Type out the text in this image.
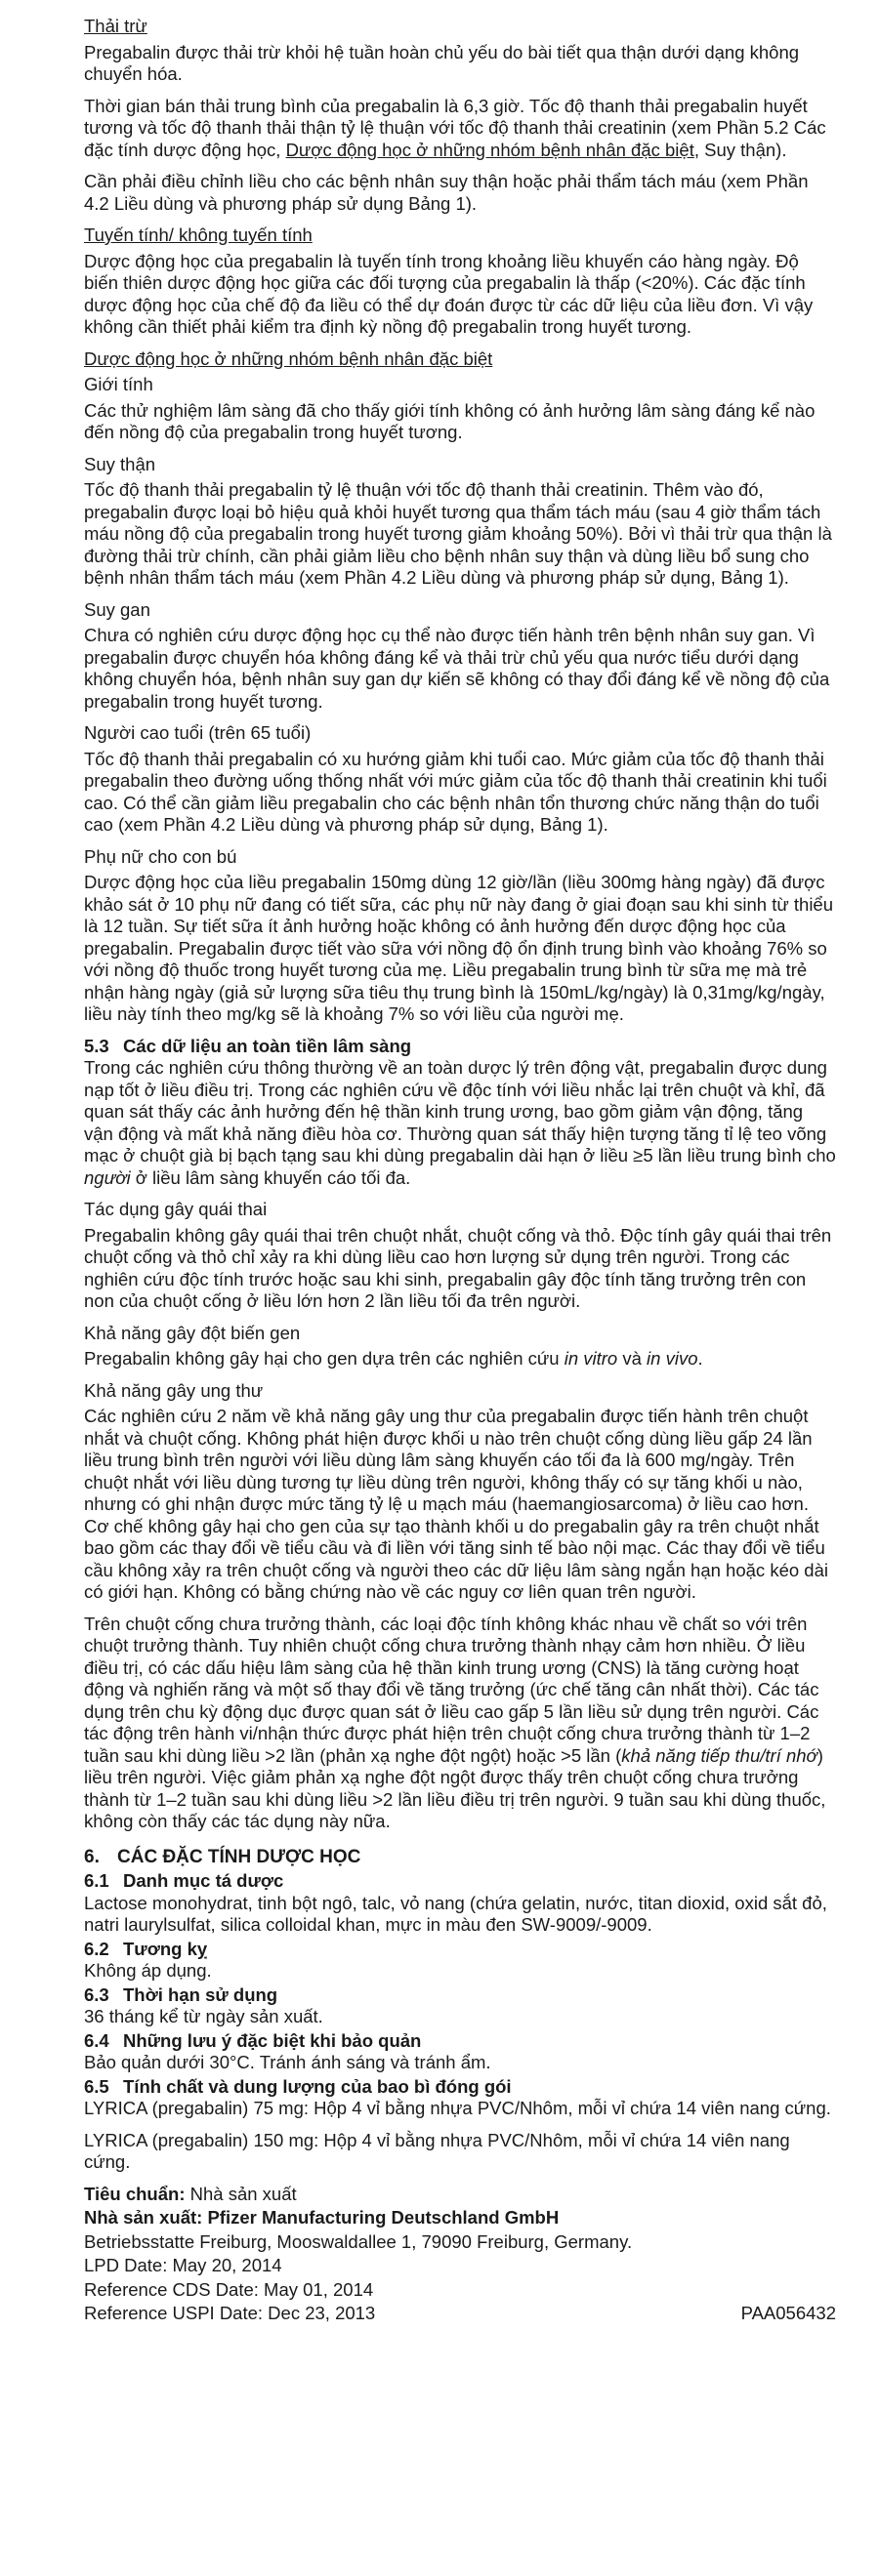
Thải trừ

Pregabalin được thải trừ khỏi hệ tuần hoàn chủ yếu do bài tiết qua thận dưới dạng không chuyển hóa.

Thời gian bán thải trung bình của pregabalin là 6,3 giờ. Tốc độ thanh thải pregabalin huyết tương và tốc độ thanh thải thận tỷ lệ thuận với tốc độ thanh thải creatinin (xem Phần 5.2 Các đặc tính dược động học, Dược động học ở những nhóm bệnh nhân đặc biệt, Suy thận).

Cần phải điều chỉnh liều cho các bệnh nhân suy thận hoặc phải thẩm tách máu (xem Phần 4.2 Liều dùng và phương pháp sử dụng Bảng 1).

Tuyến tính/ không tuyến tính

Dược động học của pregabalin là tuyến tính trong khoảng liều khuyến cáo hàng ngày. Độ biến thiên dược động học giữa các đối tượng của pregabalin là thấp (<20%). Các đặc tính dược động học của chế độ đa liều có thể dự đoán được từ các dữ liệu của liều đơn. Vì vậy không cần thiết phải kiểm tra định kỳ nồng độ pregabalin trong huyết tương.

Dược động học ở những nhóm bệnh nhân đặc biệt

Giới tính

Các thử nghiệm lâm sàng đã cho thấy giới tính không có ảnh hưởng lâm sàng đáng kể nào đến nồng độ của pregabalin trong huyết tương.

Suy thận

Tốc độ thanh thải pregabalin tỷ lệ thuận với tốc độ thanh thải creatinin. Thêm vào đó, pregabalin được loại bỏ hiệu quả khỏi huyết tương qua thẩm tách máu (sau 4 giờ thẩm tách máu nồng độ của pregabalin trong huyết tương giảm khoảng 50%). Bởi vì thải trừ qua thận là đường thải trừ chính, cần phải giảm liều cho bệnh nhân suy thận và dùng liều bổ sung cho bệnh nhân thẩm tách máu (xem Phần 4.2 Liều dùng và phương pháp sử dụng, Bảng 1).

Suy gan

Chưa có nghiên cứu dược động học cụ thể nào được tiến hành trên bệnh nhân suy gan. Vì pregabalin được chuyển hóa không đáng kể và thải trừ chủ yếu qua nước tiểu dưới dạng không chuyển hóa, bệnh nhân suy gan dự kiến sẽ không có thay đổi đáng kể về nồng độ của pregabalin trong huyết tương.

Người cao tuổi (trên 65 tuổi)

Tốc độ thanh thải pregabalin có xu hướng giảm khi tuổi cao. Mức giảm của tốc độ thanh thải pregabalin theo đường uống thống nhất với mức giảm của tốc độ thanh thải creatinin khi tuổi cao. Có thể cần giảm liều pregabalin cho các bệnh nhân tổn thương chức năng thận do tuổi cao (xem Phần 4.2 Liều dùng và phương pháp sử dụng, Bảng 1).

Phụ nữ cho con bú

Dược động học của liều pregabalin 150mg dùng 12 giờ/lần (liều 300mg hàng ngày) đã được khảo sát ở 10 phụ nữ đang có tiết sữa, các phụ nữ này đang ở giai đoạn sau khi sinh từ thiểu là 12 tuần. Sự tiết sữa ít ảnh hưởng hoặc không có ảnh hưởng đến dược động học của pregabalin. Pregabalin được tiết vào sữa với nồng độ ổn định trung bình vào khoảng 76% so với nồng độ thuốc trong huyết tương của mẹ. Liều pregabalin trung bình từ sữa mẹ mà trẻ nhận hàng ngày (giả sử lượng sữa tiêu thụ trung bình là 150mL/kg/ngày) là 0,31mg/kg/ngày, liều này tính theo mg/kg sẽ là khoảng 7% so với liều của người mẹ.

5.3 Các dữ liệu an toàn tiền lâm sàng

Trong các nghiên cứu thông thường về an toàn dược lý trên động vật, pregabalin được dung nạp tốt ở liều điều trị. Trong các nghiên cứu về độc tính với liều nhắc lại trên chuột và khỉ, đã quan sát thấy các ảnh hưởng đến hệ thần kinh trung ương, bao gồm giảm vận động, tăng vận động và mất khả năng điều hòa cơ. Thường quan sát thấy hiện tượng tăng tỉ lệ teo võng mạc ở chuột già bị bạch tạng sau khi dùng pregabalin dài hạn ở liều ≥5 lần liều trung bình cho người ở liều lâm sàng khuyến cáo tối đa.

Tác dụng gây quái thai

Pregabalin không gây quái thai trên chuột nhắt, chuột cống và thỏ. Độc tính gây quái thai trên chuột cống và thỏ chỉ xảy ra khi dùng liều cao hơn lượng sử dụng trên người. Trong các nghiên cứu độc tính trước hoặc sau khi sinh, pregabalin gây độc tính tăng trưởng trên con non của chuột cống ở liều lớn hơn 2 lần liều tối đa trên người.

Khả năng gây đột biến gen

Pregabalin không gây hại cho gen dựa trên các nghiên cứu in vitro và in vivo.

Khả năng gây ung thư

Các nghiên cứu 2 năm về khả năng gây ung thư của pregabalin được tiến hành trên chuột nhắt và chuột cống. Không phát hiện được khối u nào trên chuột cống dùng liều gấp 24 lần liều trung bình trên người với liều dùng lâm sàng khuyến cáo tối đa là 600 mg/ngày. Trên chuột nhắt với liều dùng tương tự liều dùng trên người, không thấy có sự tăng khối u nào, nhưng có ghi nhận được mức tăng tỷ lệ u mạch máu (haemangiosarcoma) ở liều cao hơn. Cơ chế không gây hại cho gen của sự tạo thành khối u do pregabalin gây ra trên chuột nhắt bao gồm các thay đổi về tiểu cầu và đi liền với tăng sinh tế bào nội mạc. Các thay đổi về tiểu cầu không xảy ra trên chuột cống và người theo các dữ liệu lâm sàng ngắn hạn hoặc kéo dài có giới hạn. Không có bằng chứng nào về các nguy cơ liên quan trên người.

Trên chuột cống chưa trưởng thành, các loại độc tính không khác nhau về chất so với trên chuột trưởng thành. Tuy nhiên chuột cống chưa trưởng thành nhạy cảm hơn nhiều. Ở liều điều trị, có các dấu hiệu lâm sàng của hệ thần kinh trung ương (CNS) là tăng cường hoạt động và nghiến răng và một số thay đổi về tăng trưởng (ức chế tăng cân nhất thời). Các tác dụng trên chu kỳ động dục được quan sát ở liều cao gấp 5 lần liều sử dụng trên người. Các tác động trên hành vi/nhận thức được phát hiện trên chuột cống chưa trưởng thành từ 1–2 tuần sau khi dùng liều >2 lần (phản xạ nghe đột ngột) hoặc >5 lần (khả năng tiếp thu/trí nhớ) liều trên người. Việc giảm phản xạ nghe đột ngột được thấy trên chuột cống chưa trưởng thành từ 1–2 tuần sau khi dùng liều >2 lần liều điều trị trên người. 9 tuần sau khi dùng thuốc, không còn thấy các tác dụng này nữa.

6. CÁC ĐẶC TÍNH DƯỢC HỌC
6.1 Danh mục tá dược

Lactose monohydrat, tinh bột ngô, talc, vỏ nang (chứa gelatin, nước, titan dioxid, oxid sắt đỏ, natri laurylsulfat, silica colloidal khan, mực in màu đen SW-9009/-9009.

6.2 Tương kỵ

Không áp dụng.

6.3 Thời hạn sử dụng

36 tháng kể từ ngày sản xuất.

6.4 Những lưu ý đặc biệt khi bảo quản

Bảo quản dưới 30°C. Tránh ánh sáng và tránh ẩm.

6.5 Tính chất và dung lượng của bao bì đóng gói

LYRICA (pregabalin) 75 mg: Hộp 4 vỉ bằng nhựa PVC/Nhôm, mỗi vỉ chứa 14 viên nang cứng.

LYRICA (pregabalin) 150 mg: Hộp 4 vỉ bằng nhựa PVC/Nhôm, mỗi vỉ chứa 14 viên nang cứng.

Tiêu chuẩn: Nhà sản xuất

Nhà sản xuất: Pfizer Manufacturing Deutschland GmbH

Betriebsstatte Freiburg, Mooswaldallee 1, 79090 Freiburg, Germany.

LPD Date: May 20, 2014

Reference CDS Date: May 01, 2014

Reference USPI Date: Dec 23, 2013	PAA056432
